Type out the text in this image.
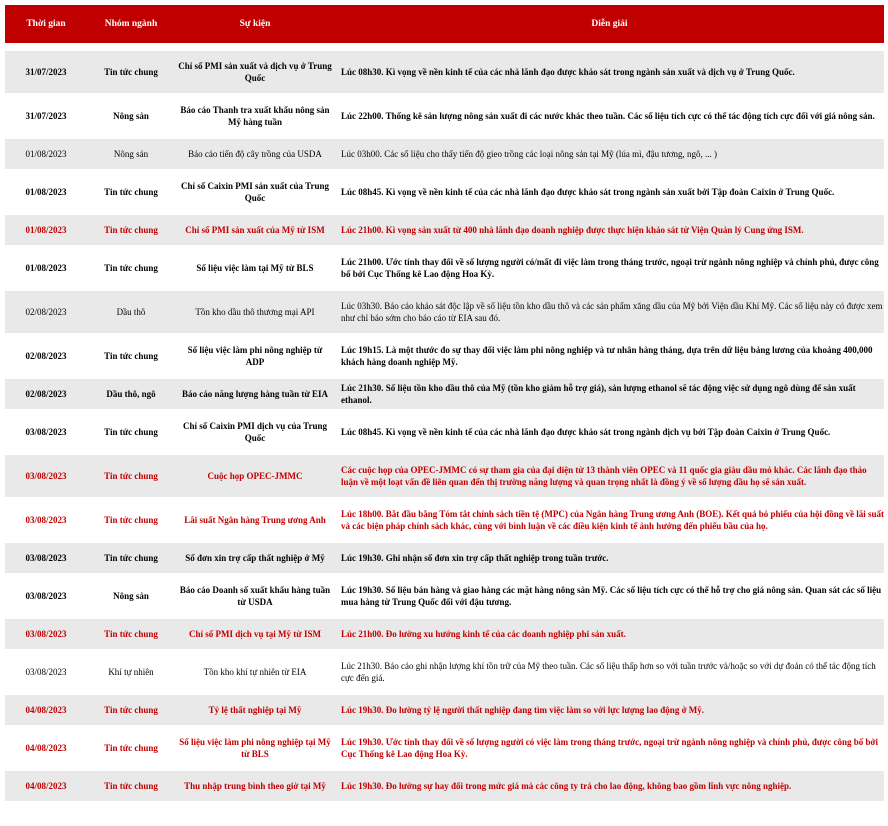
Thời gian	Nhóm ngành	Sự kiện	Diễn giải

31/07/2023	Tin tức chung	Chỉ số PMI sản xuất và dịch vụ ở Trung Quốc	Lúc 08h30. Kì vọng về nền kinh tế của các nhà lãnh đạo được khảo sát trong ngành sản xuất và dịch vụ ở Trung Quốc.
31/07/2023	Nông sản	Báo cáo Thanh tra xuất khẩu nông sản Mỹ hàng tuần	Lúc 22h00. Thống kê sản lượng nông sản xuất đi các nước khác theo tuần. Các số liệu tích cực có thể tác động tích cực đối với giá nông sản.
01/08/2023	Nông sản	Báo cáo tiến độ cây trồng của USDA	Lúc 03h00. Các số liệu cho thấy tiến độ gieo trồng các loại nông sản tại Mỹ (lúa mì, đậu tương, ngô, ... )
01/08/2023	Tin tức chung	Chỉ số Caixin PMI sản xuất của Trung Quốc	Lúc 08h45. Kì vọng về nền kinh tế của các nhà lãnh đạo được khảo sát trong ngành sản xuất bởi Tập đoàn Caixin ở Trung Quốc.
01/08/2023	Tin tức chung	Chỉ số PMI sản xuất của Mỹ từ ISM	Lúc 21h00. Kì vọng sản xuất từ 400 nhà lãnh đạo doanh nghiệp được thực hiện khảo sát từ Viện Quản lý Cung ứng ISM.
01/08/2023	Tin tức chung	Số liệu việc làm tại Mỹ từ BLS	Lúc 21h00. Ước tính thay đổi về số lượng người có/mất đi việc làm trong tháng trước, ngoại trừ ngành nông nghiệp và chính phủ, được công bố bởi Cục Thống kê Lao động Hoa Kỳ.
02/08/2023	Dầu thô	Tồn kho dầu thô thương mại API	Lúc 03h30. Báo cáo khảo sát độc lập về số liệu tồn kho dầu thô và các sản phẩm xăng dầu của Mỹ bởi Viện dầu Khí Mỹ. Các số liệu này có được xem như chỉ báo sớm cho báo cáo từ EIA sau đó.
02/08/2023	Tin tức chung	Số liệu việc làm phi nông nghiệp từ ADP	Lúc 19h15. Là một thước đo sự thay đổi việc làm phi nông nghiệp và tư nhân hàng tháng, dựa trên dữ liệu bảng lương của khoảng 400,000 khách hàng doanh nghiệp Mỹ.
02/08/2023	Dầu thô, ngô	Báo cáo năng lượng hàng tuần từ EIA	Lúc 21h30. Số liệu tồn kho dầu thô của Mỹ (tồn kho giảm hỗ trợ giá), sản lượng ethanol sẽ tác động việc sử dụng ngô dùng để sản xuất ethanol.
03/08/2023	Tin tức chung	Chỉ số Caixin PMI dịch vụ của Trung Quốc	Lúc 08h45. Kì vọng về nền kinh tế của các nhà lãnh đạo được khảo sát trong ngành dịch vụ bởi Tập đoàn Caixin ở Trung Quốc.
03/08/2023	Tin tức chung	Cuộc họp OPEC-JMMC	Các cuộc họp của OPEC-JMMC có sự tham gia của đại diện từ 13 thành viên OPEC và 11 quốc gia giàu dầu mỏ khác. Các lãnh đạo thảo luận về một loạt vấn đề liên quan đến thị trường năng lượng và quan trọng nhất là đồng ý về số lượng dầu họ sẽ sản xuất.
03/08/2023	Tin tức chung	Lãi suất Ngân hàng Trung ương Anh	Lúc 18h00. Bắt đầu bằng Tóm tắt chính sách tiền tệ (MPC) của Ngân hàng Trung ương Anh (BOE). Kết quả bỏ phiếu của hội đồng về lãi suất và các biện pháp chính sách khác, cùng với bình luận về các điều kiện kinh tế ảnh hưởng đến phiếu bầu của họ.
03/08/2023	Tin tức chung	Số đơn xin trợ cấp thất nghiệp ở Mỹ	Lúc 19h30. Ghi nhận số đơn xin trợ cấp thất nghiệp trong tuần trước.
03/08/2023	Nông sản	Báo cáo Doanh số xuất khẩu hàng tuần từ USDA	Lúc 19h30. Số liệu bán hàng và giao hàng các mặt hàng nông sản Mỹ. Các số liệu tích cực có thể hỗ trợ cho giá nông sản. Quan sát các số liệu mua hàng từ Trung Quốc đối với đậu tương.
03/08/2023	Tin tức chung	Chỉ số PMI dịch vụ tại Mỹ từ ISM	Lúc 21h00. Đo lường xu hướng kinh tế của các doanh nghiệp phi sản xuất.
03/08/2023	Khí tự nhiên	Tồn kho khí tự nhiên từ EIA	Lúc 21h30. Báo cáo ghi nhận lượng khí tồn trữ của Mỹ theo tuần. Các số liệu thấp hơn so với tuần trước và/hoặc so với dự đoán có thể tác động tích cực đến giá.
04/08/2023	Tin tức chung	Tỷ lệ thất nghiệp tại Mỹ	Lúc 19h30. Đo lường tỷ lệ người thất nghiệp đang tìm việc làm so với lực lượng lao động ở Mỹ.
04/08/2023	Tin tức chung	Số liệu việc làm phi nông nghiệp tại Mỹ từ BLS	Lúc 19h30. Ước tính thay đổi về số lượng người có việc làm trong tháng trước, ngoại trừ ngành nông nghiệp và chính phủ, được công bố bởi Cục Thống kê Lao động Hoa Kỳ.
04/08/2023	Tin tức chung	Thu nhập trung bình theo giờ tại Mỹ	Lúc 19h30. Đo lường sự hay đổi trong mức giá mà các công ty trả cho lao động, không bao gồm lĩnh vực nông nghiệp.
